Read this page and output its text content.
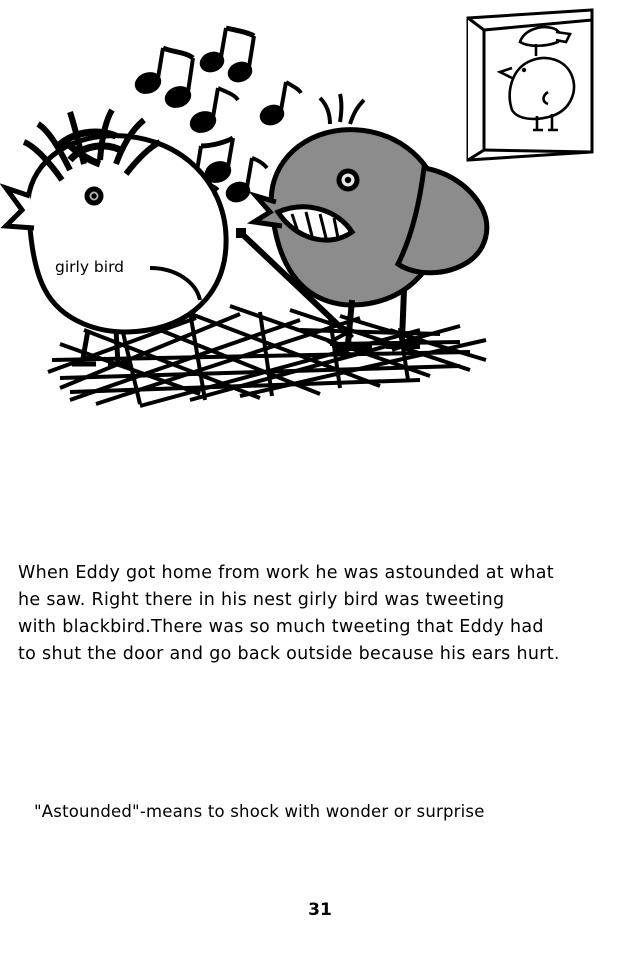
girly bird

When Eddy got home from work he was astounded at what

he saw. Right there in his nest girly bird was tweeting

with blackbird.There was so much tweeting that Eddy had

to shut the door and go back outside because his ears hurt.

"Astounded"-means to shock with wonder or surprise
31
